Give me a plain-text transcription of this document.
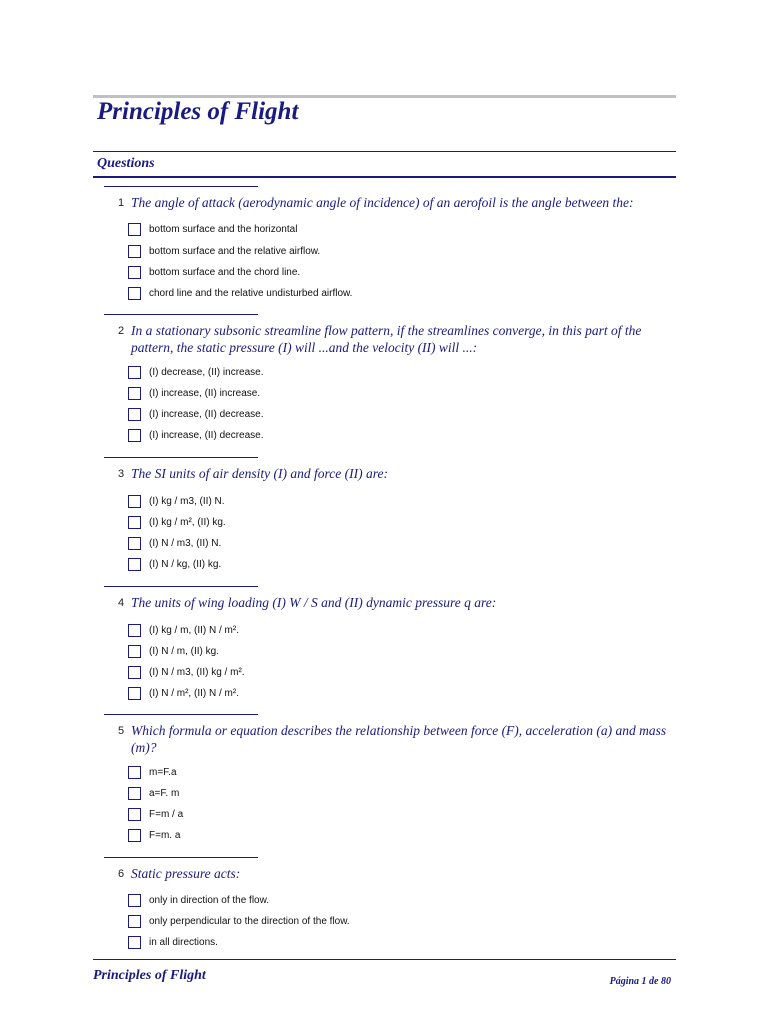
Principles of Flight
Questions
1 The angle of attack (aerodynamic angle of incidence) of an aerofoil is the angle between the:
bottom surface and the horizontal
bottom surface and the relative airflow.
bottom surface and the chord line.
chord line and the relative undisturbed airflow.
2 In a stationary subsonic streamline flow pattern, if the streamlines converge, in this part of the pattern, the static pressure (I) will ...and the velocity (II) will ...:
(I) decrease, (II) increase.
(I) increase, (II) increase.
(I) increase, (II) decrease.
(I) increase, (II) decrease.
3 The SI units of air density (I) and force (II) are:
(I) kg / m3, (II) N.
(I) kg / m², (II) kg.
(I) N / m3, (II) N.
(I) N / kg, (II) kg.
4 The units of wing loading (I) W / S and (II) dynamic pressure q are:
(I) kg / m, (II) N / m².
(I) N / m, (II) kg.
(I) N / m3, (II) kg / m².
(I) N / m², (II) N / m².
5 Which formula or equation describes the relationship between force (F), acceleration (a) and mass (m)?
m=F.a
a=F. m
F=m / a
F=m. a
6 Static pressure acts:
only in direction of the flow.
only perpendicular to the direction of the flow.
in all directions.
Principles of Flight	Página 1 de 80
